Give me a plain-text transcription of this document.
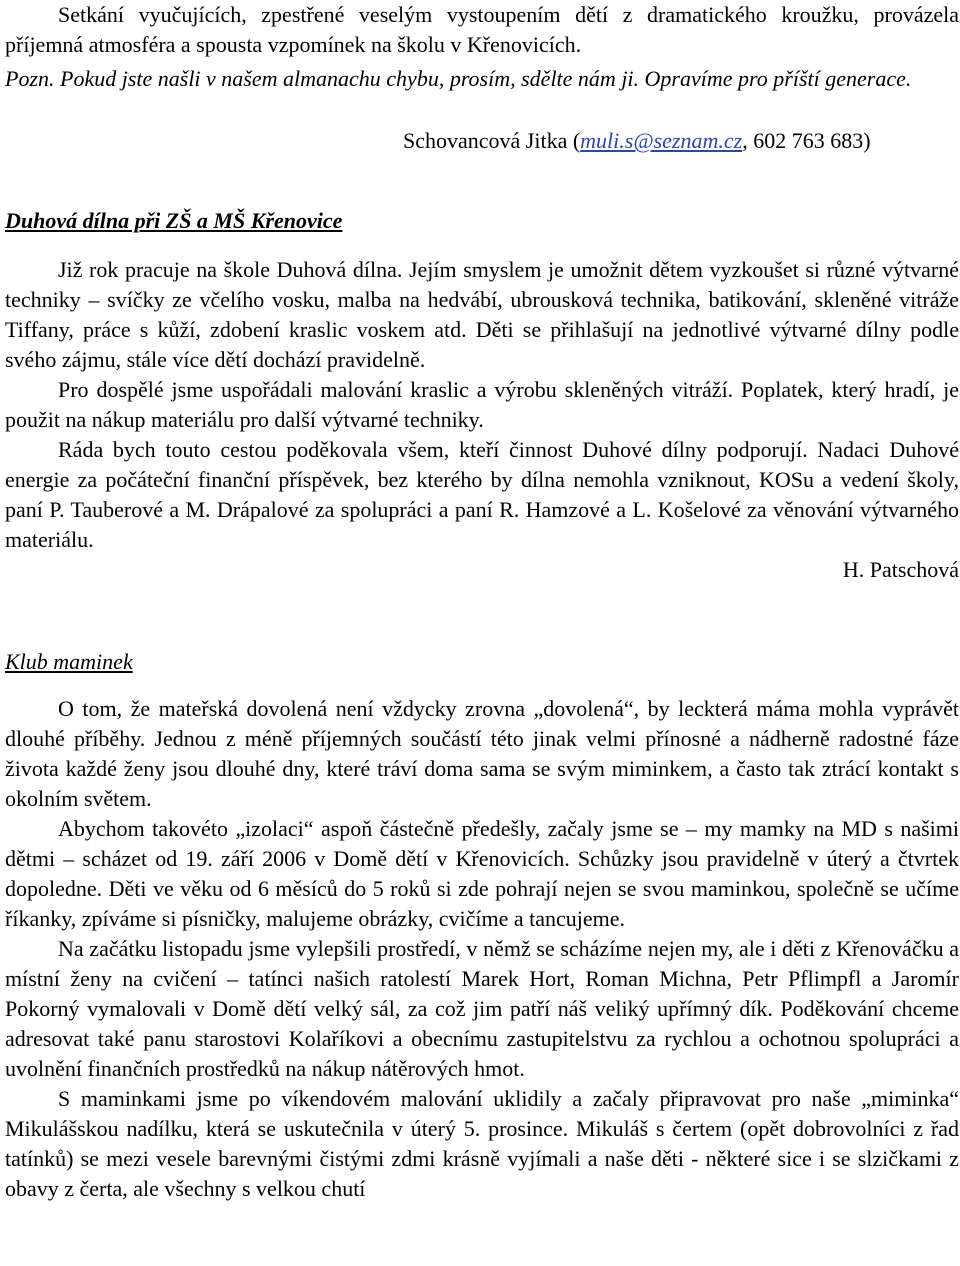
Setkání vyučujících, zpestřené veselým vystoupením dětí z dramatického kroužku, provázela příjemná atmosféra a spousta vzpomínek na školu v Křenovicích.

Pozn. Pokud jste našli v našem almanachu chybu, prosím, sdělte nám ji. Opravíme pro příští generace.

Schovancová Jitka (muli.s@seznam.cz, 602 763 683)

Duhová dílna při ZŠ a MŠ Křenovice

Již rok pracuje na škole Duhová dílna. Jejím smyslem je umožnit dětem vyzkoušet si různé výtvarné techniky – svíčky ze včelího vosku, malba na hedvábí, ubrousková technika, batikování, skleněné vitráže Tiffany, práce s kůží, zdobení kraslic voskem atd. Děti se přihlašují na jednotlivé výtvarné dílny podle svého zájmu, stále více dětí dochází pravidelně.

Pro dospělé jsme uspořádali malování kraslic a výrobu skleněných vitráží. Poplatek, který hradí, je použit na nákup materiálu pro další výtvarné techniky.

Ráda bych touto cestou poděkovala všem, kteří činnost Duhové dílny podporují. Nadaci Duhové energie za počáteční finanční příspěvek, bez kterého by dílna nemohla vzniknout, KOSu a vedení školy, paní P. Tauberové a M. Drápalové za spolupráci a paní R. Hamzové a L. Košelové za věnování výtvarného materiálu.

H. Patschová

Klub maminek

O tom, že mateřská dovolená není vždycky zrovna „dovolená“, by leckterá máma mohla vyprávět dlouhé příběhy. Jednou z méně příjemných součástí této jinak velmi přínosné a nádherně radostné fáze života každé ženy jsou dlouhé dny, které tráví doma sama se svým miminkem, a často tak ztrácí kontakt s okolním světem.

Abychom takovéto „izolaci“ aspoň částečně předešly, začaly jsme se – my mamky na MD s našimi dětmi – scházet od 19. září 2006 v Domě dětí v Křenovicích. Schůzky jsou pravidelně v úterý a čtvrtek dopoledne. Děti ve věku od 6 měsíců do 5 roků si zde pohrají nejen se svou maminkou, společně se učíme říkanky, zpíváme si písničky, malujeme obrázky, cvičíme a tancujeme.

Na začátku listopadu jsme vylepšili prostředí, v němž se scházíme nejen my, ale i děti z Křenováčku a místní ženy na cvičení – tatínci našich ratolestí Marek Hort, Roman Michna, Petr Pflimpfl a Jaromír Pokorný vymalovali v Domě dětí velký sál, za což jim patří náš veliký upřímný dík. Poděkování chceme adresovat také panu starostovi Kolaříkovi a obecnímu zastupitelstvu za rychlou a ochotnou spolupráci a uvolnění finančních prostředků na nákup nátěrových hmot.

S maminkami jsme po víkendovém malování uklidily a začaly připravovat pro naše „miminka“ Mikulášskou nadílku, která se uskutečnila v úterý 5. prosince. Mikuláš s čertem (opět dobrovolníci z řad tatínků) se mezi vesele barevnými čistými zdmi krásně vyjímali a naše děti - některé sice i se slzičkami z obavy z čerta, ale všechny s velkou chutí
